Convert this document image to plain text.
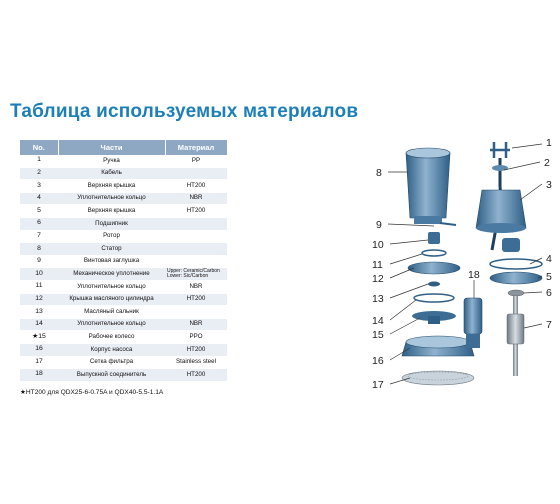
Таблица используемых материалов
No.	Части	Материал
1	Ручка	PP
2	Кабель	
3	Верхняя крышка	HT200
4	Уплотнительное кольцо	NBR
5	Верхняя крышка	HT200
6	Подшипник	
7	Ротор	
8	Статор	
9	Винтовая заглушка	
10	Механическое уплотнение	Upper: Ceramic/Carbon
Lower: Sic/Carbon
11	Уплотнительное кольцо	NBR
12	Крышка масляного цилиндра	HT200
13	Масляный сальник	
14	Уплотнительное кольцо	NBR
★15	Рабочее колесо	PPO
16	Корпус насоса	HT200
17	Сетка фильтра	Stainless steel
18	Выпускной соединитель	HT200
★HT200 для QDX25-6-0.75A и QDX40-5.5-1.1A
1
2
3
4
5
6
7
8
9
10
11
12
13
14
15
16
17
18
